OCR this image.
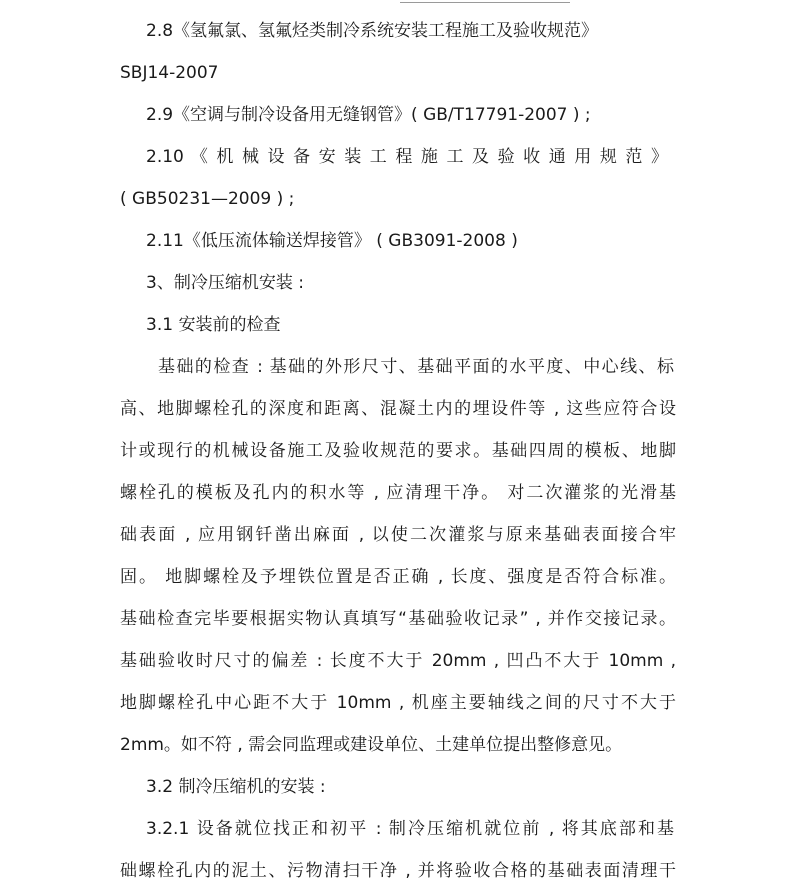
2.8《氢氟氯、氢氟烃类制冷系统安装工程施工及验收规范》

SBJ14-2007

2.9《空调与制冷设备用无缝钢管》( GB/T17791-2007 ) ;

2.10 《 机 械 设 备 安 装 工 程 施 工 及 验 收 通 用 规 范 》

( GB50231—2009 ) ;

2.11《低压流体输送焊接管》 ( GB3091-2008 )

3、制冷压缩机安装 :

3.1 安装前的检查

基础的检查 : 基础的外形尺寸、基础平面的水平度、中心线、标

高、地脚螺栓孔的深度和距离、混凝土内的埋设件等 , 这些应符合设

计或现行的机械设备施工及验收规范的要求。基础四周的模板、地脚

螺栓孔的模板及孔内的积水等 , 应清理干净。 对二次灌浆的光滑基

础表面 , 应用钢钎凿出麻面 , 以使二次灌浆与原来基础表面接合牢

固。 地脚螺栓及予埋铁位置是否正确 , 长度、强度是否符合标准。

基础检查完毕要根据实物认真填写“基础验收记录” , 并作交接记录。

基础验收时尺寸的偏差 : 长度不大于 20mm , 凹凸不大于 10mm ,

地脚螺栓孔中心距不大于 10mm , 机座主要轴线之间的尺寸不大于

2mm。如不符 , 需会同监理或建设单位、土建单位提出整修意见。

3.2 制冷压缩机的安装 :

3.2.1 设备就位找正和初平 : 制冷压缩机就位前 , 将其底部和基

础螺栓孔内的泥土、污物清扫干净 , 并将验收合格的基础表面清理干
